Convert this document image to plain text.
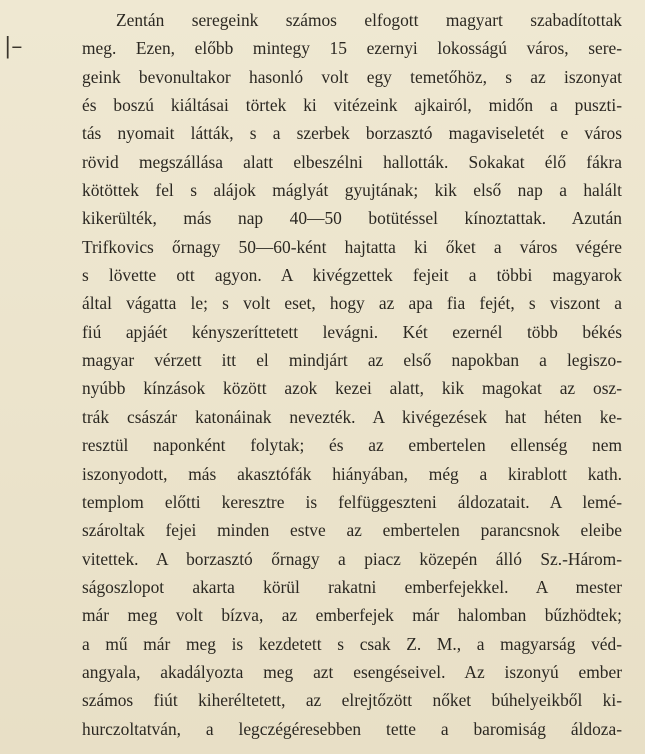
|–
Zentán seregeink számos elfogott magyart szabadítottak
meg. Ezen, előbb mintegy 15 ezernyi lokosságú város, sere-
geink bevonultakor hasonló volt egy temetőhöz, s az iszonyat
és boszú kiáltásai törtek ki vitézeink ajkairól, midőn a puszti-
tás nyomait látták, s a szerbek borzasztó magaviseletét e város
rövid megszállása alatt elbeszélni hallották. Sokakat élő fákra
kötöttek fel s alájok máglyát gyujtának; kik első nap a halált
kikerülték, más nap 40—50 botütéssel kínoztattak. Azután
Trifkovics őrnagy 50—60-ként hajtatta ki őket a város végére
s lövette ott agyon. A kivégzettek fejeit a többi magyarok
által vágatta le; s volt eset, hogy az apa fia fejét, s viszont a
fiú apjáét kényszeríttetett levágni. Két ezernél több békés
magyar vérzett itt el mindjárt az első napokban a legiszo-
nyúbb kínzások között azok kezei alatt, kik magokat az osz-
trák császár katonáinak nevezték. A kivégezések hat héten ke-
resztül naponként folytak; és az embertelen ellenség nem
iszonyodott, más akasztófák hiányában, még a kirablott kath.
templom előtti keresztre is felfüggeszteni áldozatait. A lemé-
szároltak fejei minden estve az embertelen parancsnok eleibe
vitettek. A borzasztó őrnagy a piacz közepén álló Sz.-Három-
ságoszlopot akarta körül rakatni emberfejekkel. A mester
már meg volt bízva, az emberfejek már halomban bűzhödtek;
a mű már meg is kezdetett s csak Z. M., a magyarság véd-
angyala, akadályozta meg azt esengéseivel. Az iszonyú ember
számos fiút kiheréltetett, az elrejtőzött nőket búhelyeikből ki-
hurczoltatván, a legczégéresebben tette a baromiság áldoza-
